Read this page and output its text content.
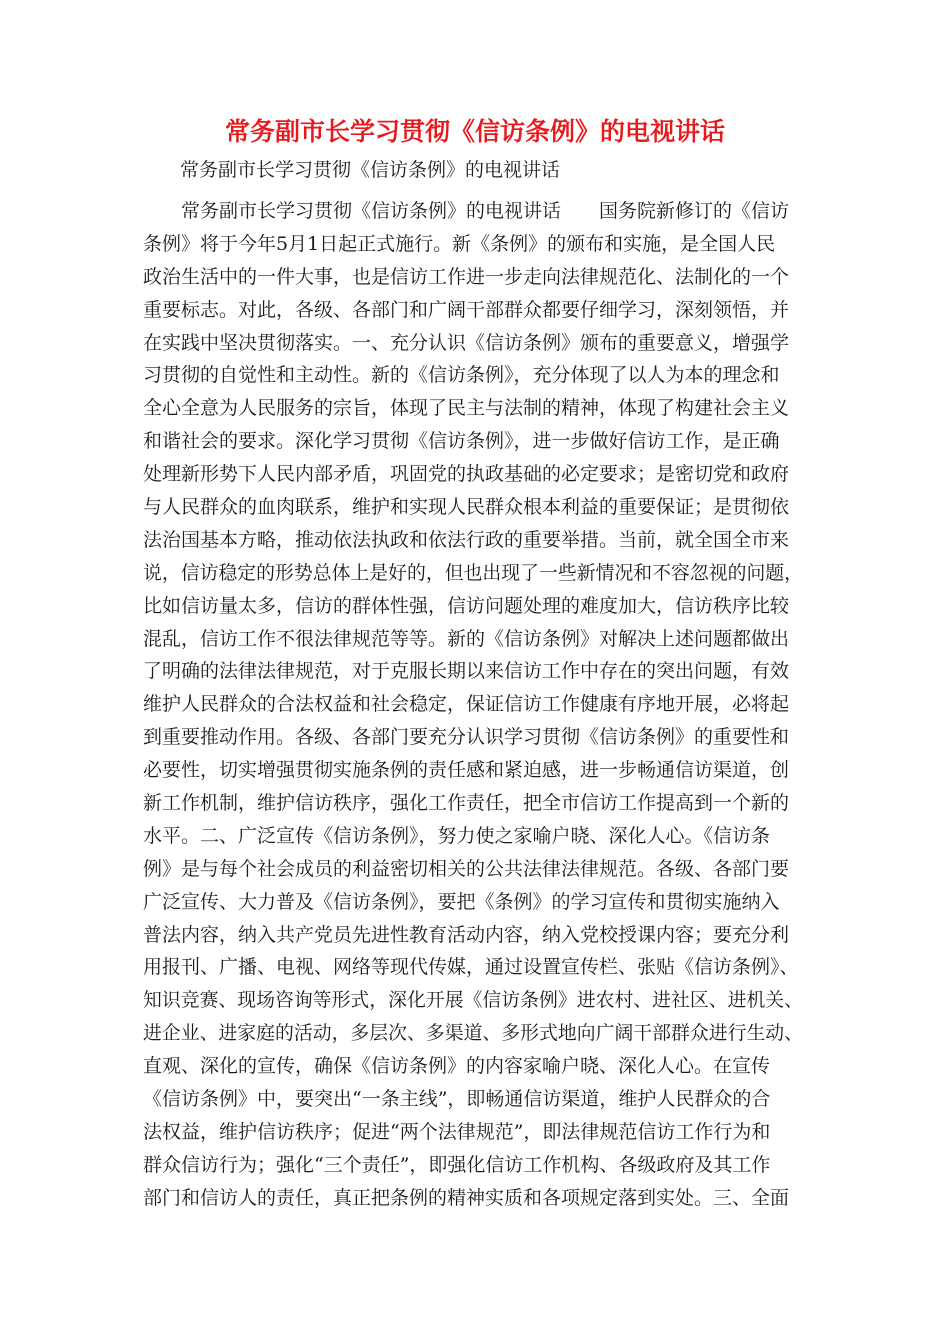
常务副市长学习贯彻《信访条例》的电视讲话

常务副市长学习贯彻《信访条例》的电视讲话

　　常务副市长学习贯彻《信访条例》的电视讲话　　国务院新修订的《信访
条例》将于今年5月1日起正式施行。新《条例》的颁布和实施，是全国人民
政治生活中的一件大事，也是信访工作进一步走向法律规范化、法制化的一个
重要标志。对此，各级、各部门和广阔干部群众都要仔细学习，深刻领悟，并
在实践中坚决贯彻落实。一、充分认识《信访条例》颁布的重要意义，增强学
习贯彻的自觉性和主动性。新的《信访条例》，充分体现了以人为本的理念和
全心全意为人民服务的宗旨，体现了民主与法制的精神，体现了构建社会主义
和谐社会的要求。深化学习贯彻《信访条例》，进一步做好信访工作，是正确
处理新形势下人民内部矛盾，巩固党的执政基础的必定要求；是密切党和政府
与人民群众的血肉联系，维护和实现人民群众根本利益的重要保证；是贯彻依
法治国基本方略，推动依法执政和依法行政的重要举措。当前，就全国全市来
说，信访稳定的形势总体上是好的，但也出现了一些新情况和不容忽视的问题，
比如信访量太多，信访的群体性强，信访问题处理的难度加大，信访秩序比较
混乱，信访工作不很法律规范等等。新的《信访条例》对解决上述问题都做出
了明确的法律法律规范，对于克服长期以来信访工作中存在的突出问题，有效
维护人民群众的合法权益和社会稳定，保证信访工作健康有序地开展，必将起
到重要推动作用。各级、各部门要充分认识学习贯彻《信访条例》的重要性和
必要性，切实增强贯彻实施条例的责任感和紧迫感，进一步畅通信访渠道，创
新工作机制，维护信访秩序，强化工作责任，把全市信访工作提高到一个新的
水平。二、广泛宣传《信访条例》，努力使之家喻户晓、深化人心。《信访条
例》是与每个社会成员的利益密切相关的公共法律法律规范。各级、各部门要
广泛宣传、大力普及《信访条例》，要把《条例》的学习宣传和贯彻实施纳入
普法内容，纳入共产党员先进性教育活动内容，纳入党校授课内容；要充分利
用报刊、广播、电视、网络等现代传媒，通过设置宣传栏、张贴《信访条例》、
知识竞赛、现场咨询等形式，深化开展《信访条例》进农村、进社区、进机关、
进企业、进家庭的活动，多层次、多渠道、多形式地向广阔干部群众进行生动、
直观、深化的宣传，确保《信访条例》的内容家喻户晓、深化人心。在宣传
《信访条例》中，要突出“一条主线”，即畅通信访渠道，维护人民群众的合
法权益，维护信访秩序；促进“两个法律规范”，即法律规范信访工作行为和
群众信访行为；强化“三个责任”，即强化信访工作机构、各级政府及其工作
部门和信访人的责任，真正把条例的精神实质和各项规定落到实处。三、全面
